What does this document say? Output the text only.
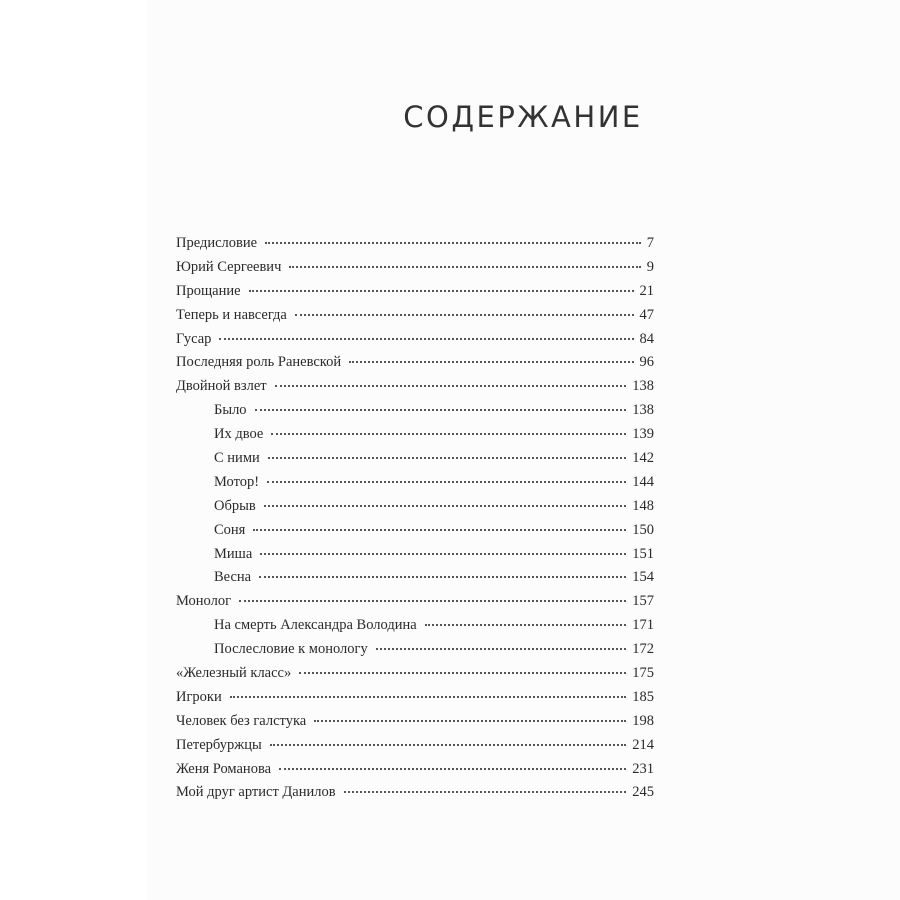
СОДЕРЖАНИЕ
Предисловие	7
Юрий Сергеевич	9
Прощание	21
Теперь и навсегда	47
Гусар	84
Последняя роль Раневской	96
Двойной взлет	138
Было	138
Их двое	139
С ними	142
Мотор!	144
Обрыв	148
Соня	150
Миша	151
Весна	154
Монолог	157
На смерть Александра Володина	171
Послесловие к монологу	172
«Железный класс»	175
Игроки	185
Человек без галстука	198
Петербуржцы	214
Женя Романова	231
Мой друг артист Данилов	245
